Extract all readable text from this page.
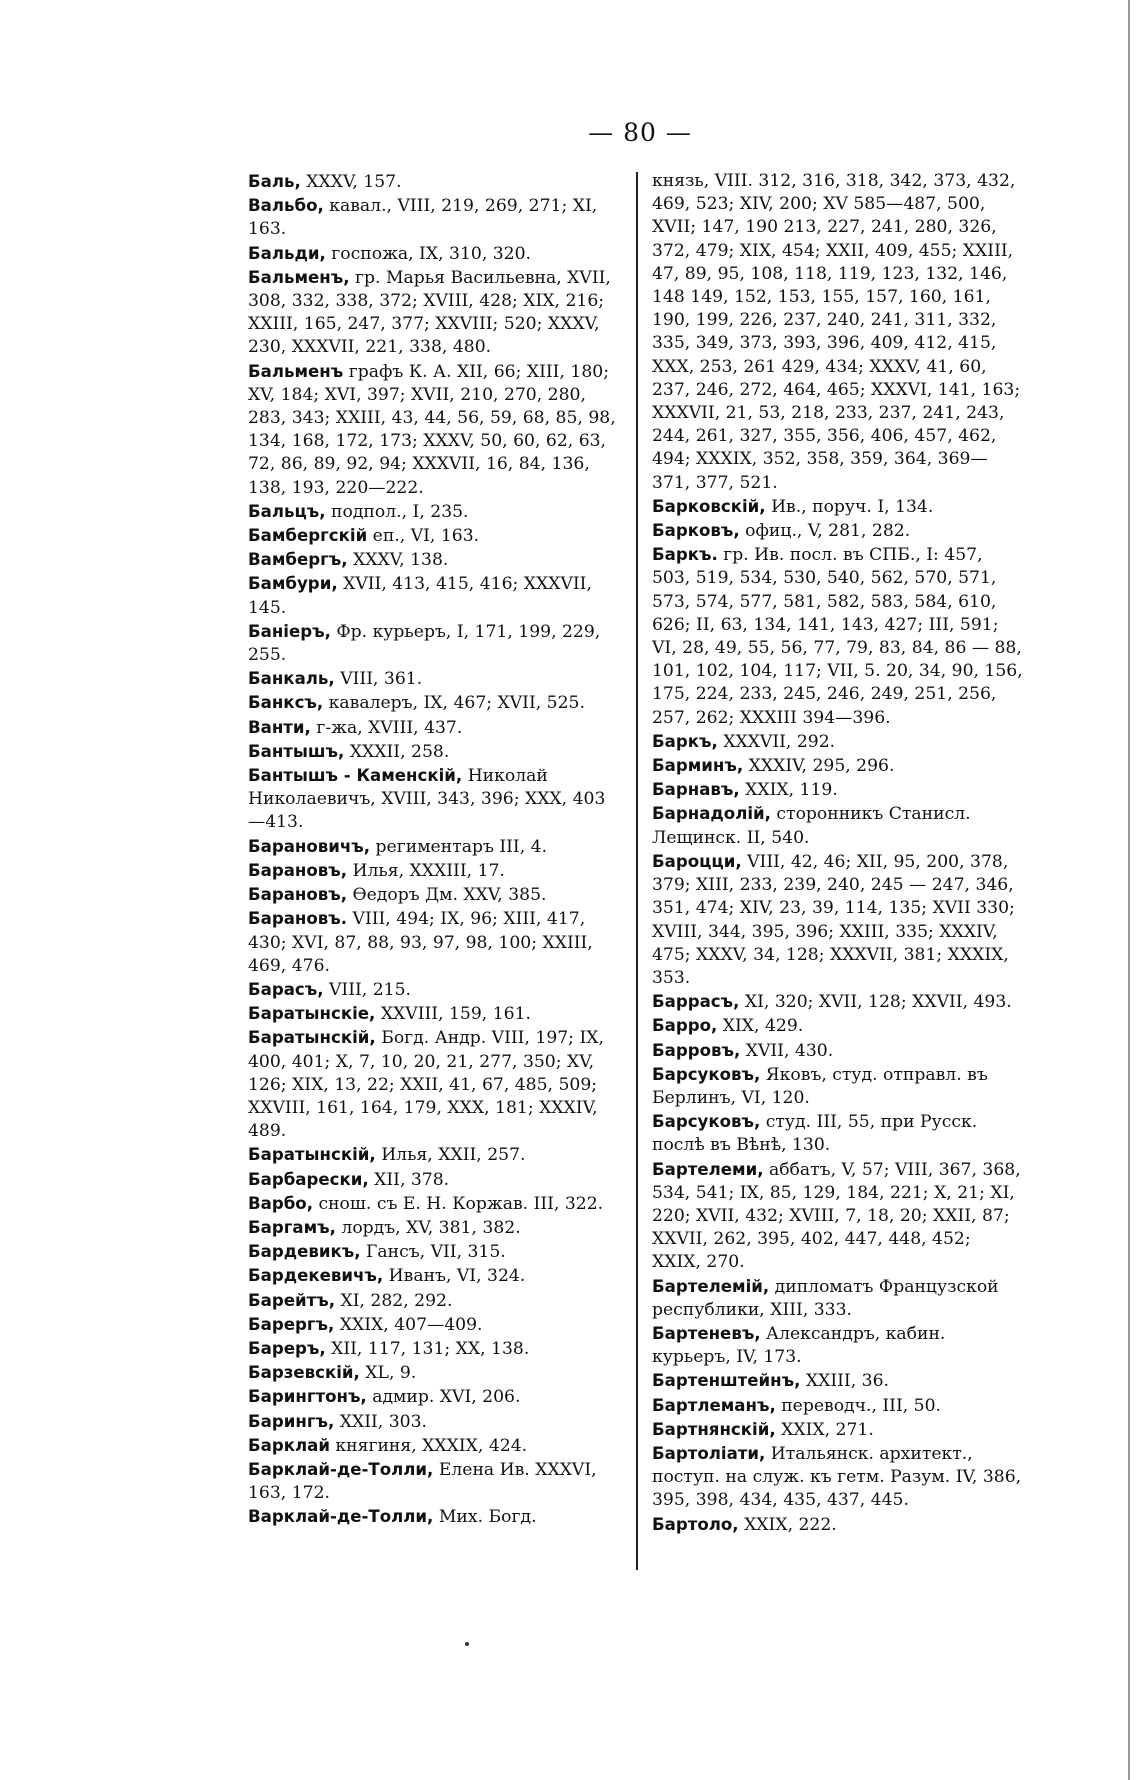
— 80 —
Баль, XXXV, 157.
Вальбо, кавал., VIII, 219, 269, 271; XI, 163.
Бальди, госпожа, IX, 310, 320.
Бальменъ, гр. Марья Васильевна, XVII, 308, 332, 338, 372; XVIII, 428; XIX, 216; XXIII, 165, 247, 377; XXVIII; 520; XXXV, 230, XXXVII, 221, 338, 480.
Бальменъ графъ К. А. XII, 66; XIII, 180; XV, 184; XVI, 397; XVII, 210, 270, 280, 283, 343; XXIII, 43, 44, 56, 59, 68, 85, 98, 134, 168, 172, 173; XXXV, 50, 60, 62, 63, 72, 86, 89, 92, 94; XXXVII, 16, 84, 136, 138, 193, 220—222.
Бальцъ, подпол., I, 235.
Бамбергскій еп., VI, 163.
Вамбергъ, XXXV, 138.
Бамбури, XVII, 413, 415, 416; XXXVII, 145.
Баніеръ, Фр. курьеръ, I, 171, 199, 229, 255.
Банкаль, VIII, 361.
Банксъ, кавалеръ, IX, 467; XVII, 525.
Ванти, г-жа, XVIII, 437.
Бантышъ, XXXII, 258.
Бантышъ - Каменскій, Николай Николаевичъ, XVIII, 343, 396; XXX, 403—413.
Барановичъ, региментаръ III, 4.
Барановъ, Илья, XXXIII, 17.
Барановъ, Өедоръ Дм. XXV, 385.
Барановъ. VIII, 494; IX, 96; XIII, 417, 430; XVI, 87, 88, 93, 97, 98, 100; XXIII, 469, 476.
Барасъ, VIII, 215.
Баратынскіе, XXVIII, 159, 161.
Баратынскій, Богд. Андр. VIII, 197; IX, 400, 401; X, 7, 10, 20, 21, 277, 350; XV, 126; XIX, 13, 22; XXII, 41, 67, 485, 509; XXVIII, 161, 164, 179, XXX, 181; XXXIV, 489.
Баратынскій, Илья, XXII, 257.
Барбарески, XII, 378.
Варбо, снош. съ Е. Н. Коржав. III, 322.
Баргамъ, лордъ, XV, 381, 382.
Бардевикъ, Гансъ, VII, 315.
Бардекевичъ, Иванъ, VI, 324.
Барейтъ, XI, 282, 292.
Барергъ, XXIX, 407—409.
Бареръ, XII, 117, 131; XX, 138.
Барзевскій, XL, 9.
Барингтонъ, адмир. XVI, 206.
Барингъ, XXII, 303.
Барклай княгиня, XXXIX, 424.
Барклай-де-Толли, Елена Ив. XXXVI, 163, 172.
Варклай-де-Толли, Мих. Богд.
князь, VIII. 312, 316, 318, 342, 373, 432, 469, 523; XIV, 200; XV 585—487, 500, XVII; 147, 190 213, 227, 241, 280, 326, 372, 479; XIX, 454; XXII, 409, 455; XXIII, 47, 89, 95, 108, 118, 119, 123, 132, 146, 148 149, 152, 153, 155, 157, 160, 161, 190, 199, 226, 237, 240, 241, 311, 332, 335, 349, 373, 393, 396, 409, 412, 415, XXX, 253, 261 429, 434; XXXV, 41, 60, 237, 246, 272, 464, 465; XXXVI, 141, 163; XXXVII, 21, 53, 218, 233, 237, 241, 243, 244, 261, 327, 355, 356, 406, 457, 462, 494; XXXIX, 352, 358, 359, 364, 369—371, 377, 521.
Барковскій, Ив., поруч. I, 134.
Барковъ, офиц., V, 281, 282.
Баркъ. гр. Ив. посл. въ СПБ., I: 457, 503, 519, 534, 530, 540, 562, 570, 571, 573, 574, 577, 581, 582, 583, 584, 610, 626; II, 63, 134, 141, 143, 427; III, 591; VI, 28, 49, 55, 56, 77, 79, 83, 84, 86 — 88, 101, 102, 104, 117; VII, 5. 20, 34, 90, 156, 175, 224, 233, 245, 246, 249, 251, 256, 257, 262; XXXIII 394—396.
Баркъ, XXXVII, 292.
Барминъ, XXXIV, 295, 296.
Барнавъ, XXIX, 119.
Барнадолій, сторонникъ Станисл. Лещинск. II, 540.
Бароцци, VIII, 42, 46; XII, 95, 200, 378, 379; XIII, 233, 239, 240, 245 — 247, 346, 351, 474; XIV, 23, 39, 114, 135; XVII 330; XVIII, 344, 395, 396; XXIII, 335; XXXIV, 475; XXXV, 34, 128; XXXVII, 381; XXXIX, 353.
Баррасъ, XI, 320; XVII, 128; XXVII, 493.
Барро, XIX, 429.
Барровъ, XVII, 430.
Барсуковъ, Яковъ, студ. отправл. въ Берлинъ, VI, 120.
Барсуковъ, студ. III, 55, при Русск. послѣ въ Вѣнѣ, 130.
Бартелеми, аббатъ, V, 57; VIII, 367, 368, 534, 541; IX, 85, 129, 184, 221; X, 21; XI, 220; XVII, 432; XVIII, 7, 18, 20; XXII, 87; XXVII, 262, 395, 402, 447, 448, 452; XXIX, 270.
Бартелемій, дипломатъ Французской республики, XIII, 333.
Бартеневъ, Александръ, кабин. курьеръ, IV, 173.
Бартенштейнъ, XXIII, 36.
Бартлеманъ, переводч., III, 50.
Бартнянскій, XXIX, 271.
Бартоліати, Итальянск. архитект., поступ. на служ. къ гетм. Разум. IV, 386, 395, 398, 434, 435, 437, 445.
Бартоло, XXIX, 222.
